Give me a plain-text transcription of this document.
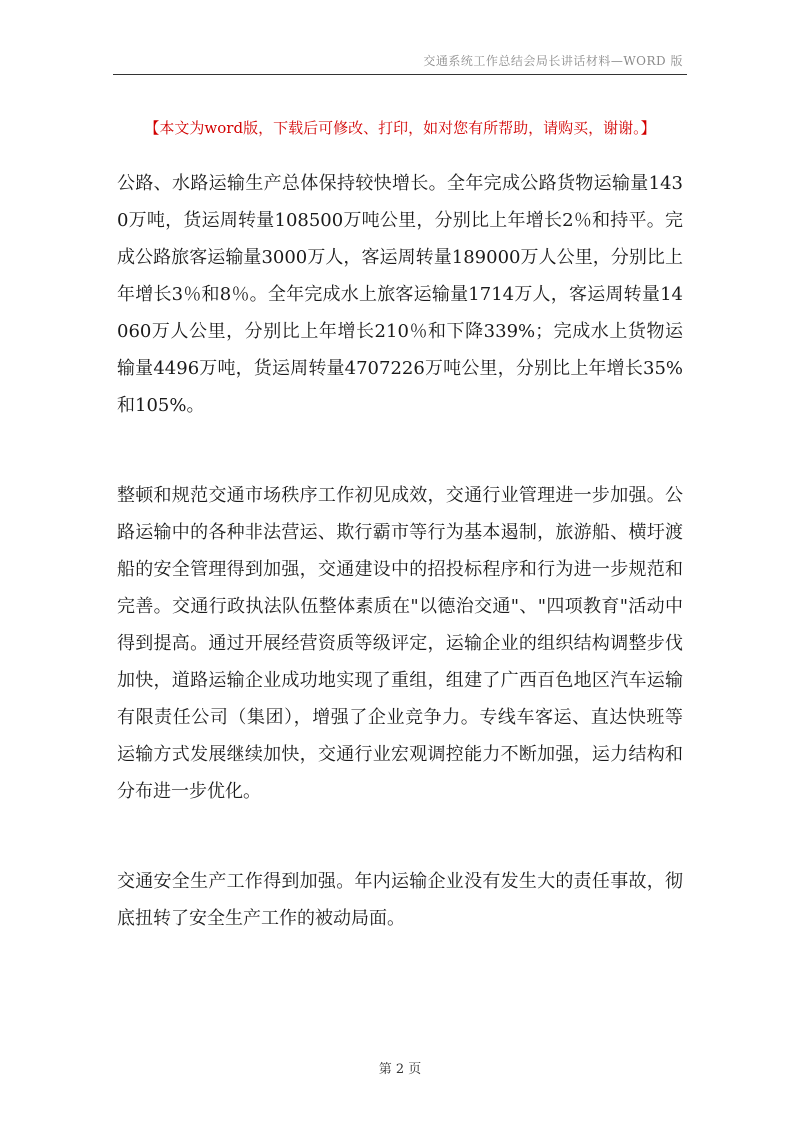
交通系统工作总结会局长讲话材料—WORD 版
【本文为word版，下载后可修改、打印，如对您有所帮助，请购买，谢谢。】

公路、水路运输生产总体保持较快增长。全年完成公路货物运输量1430万吨，货运周转量108500万吨公里，分别比上年增长2％和持平。完成公路旅客运输量3000万人，客运周转量189000万人公里，分别比上年增长3％和8％。全年完成水上旅客运输量1714万人，客运周转量14060万人公里，分别比上年增长210％和下降339%；完成水上货物运输量4496万吨，货运周转量4707226万吨公里，分别比上年增长35%和105%。

整顿和规范交通市场秩序工作初见成效，交通行业管理进一步加强。公路运输中的各种非法营运、欺行霸市等行为基本遏制，旅游船、横圩渡船的安全管理得到加强，交通建设中的招投标程序和行为进一步规范和完善。交通行政执法队伍整体素质在"以德治交通"、"四项教育"活动中得到提高。通过开展经营资质等级评定，运输企业的组织结构调整步伐加快，道路运输企业成功地实现了重组，组建了广西百色地区汽车运输有限责任公司（集团），增强了企业竞争力。专线车客运、直达快班等运输方式发展继续加快，交通行业宏观调控能力不断加强，运力结构和分布进一步优化。

交通安全生产工作得到加强。年内运输企业没有发生大的责任事故，彻底扭转了安全生产工作的被动局面。

第 2 页
